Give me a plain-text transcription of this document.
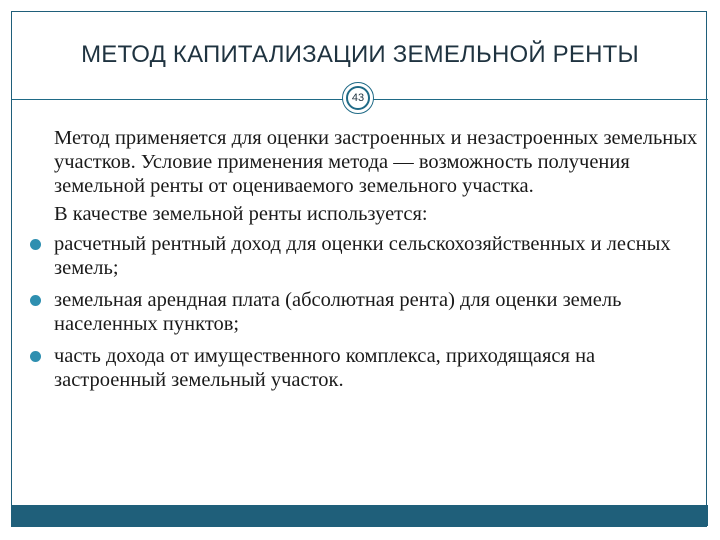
МЕТОД КАПИТАЛИЗАЦИИ ЗЕМЕЛЬНОЙ РЕНТЫ
43

Метод применяется для оценки застроенных и незастроенных земельных участков. Условие применения метода — возможность получения земельной ренты от оцениваемого земельного участка.

В качестве земельной ренты используется:

расчетный рентный доход для оценки сельскохозяйственных и лесных земель;
земельная арендная плата (абсолютная рента) для оценки земель населенных пунктов;
часть дохода от имущественного комплекса, приходящаяся на застроенный земельный участок.
